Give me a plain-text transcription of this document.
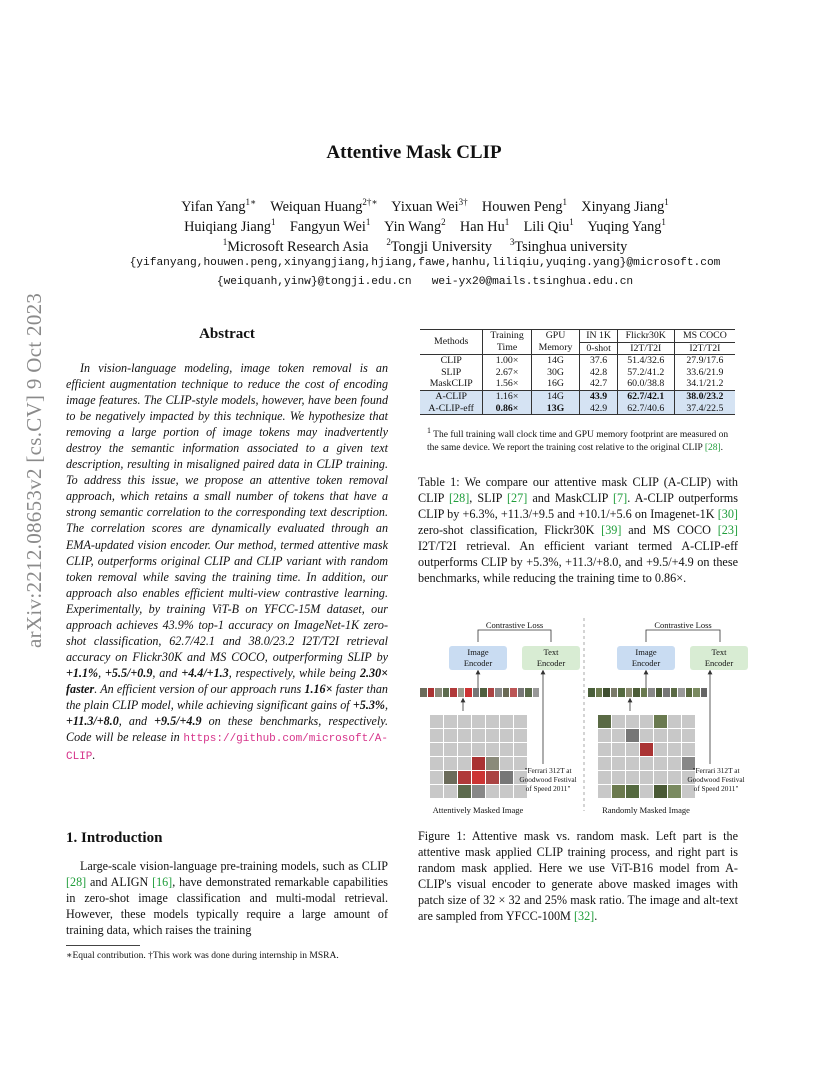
arXiv:2212.08653v2 [cs.CV] 9 Oct 2023
Attentive Mask CLIP
Yifan Yang$^{1∗}$ Weiquan Huang$^{2\dagger∗}$ Yixuan Wei$^{3\dagger}$ Houwen Peng$^1$ Xinyang Jiang$^1$
Huiqiang Jiang$^1$ Fangyun Wei$^1$ Yin Wang$^2$ Han Hu$^1$ Lili Qiu$^1$ Yuqing Yang$^1$
$^1$Microsoft Research Asia $^2$Tongji University $^3$Tsinghua university
{yifanyang,houwen.peng,xinyangjiang,hjiang,fawe,hanhu,liliqiu,yuqing.yang}@microsoft.com
{weiquanh,yinw}@tongji.edu.cn   wei-yx20@mails.tsinghua.edu.cn
Abstract
In vision-language modeling, image token removal is an efficient augmentation technique to reduce the cost of encoding image features. The CLIP-style models, however, have been found to be negatively impacted by this technique. We hypothesize that removing a large portion of image tokens may inadvertently destroy the semantic information associated to a given text description, resulting in misaligned paired data in CLIP training. To address this issue, we propose an attentive token removal approach, which retains a small number of tokens that have a strong semantic correlation to the corresponding text description. The correlation scores are dynamically evaluated through an EMA-updated vision encoder. Our method, termed attentive mask CLIP, outperforms original CLIP and CLIP variant with random token removal while saving the training time. In addition, our approach also enables efficient multi-view contrastive learning. Experimentally, by training ViT-B on YFCC-15M dataset, our approach achieves 43.9% top-1 accuracy on ImageNet-1K zero-shot classification, 62.7/42.1 and 38.0/23.2 I2T/T2I retrieval accuracy on Flickr30K and MS COCO, outperforming SLIP by +1.1%, +5.5/+0.9, and +4.4/+1.3, respectively, while being 2.30× faster. An efficient version of our approach runs 1.16× faster than the plain CLIP model, while achieving significant gains of +5.3%, +11.3/+8.0, and +9.5/+4.9 on these benchmarks, respectively. Code will be release in https://github.com/microsoft/A-CLIP.
1. Introduction
Large-scale vision-language pre-training models, such as CLIP [28] and ALIGN [16], have demonstrated remarkable capabilities in zero-shot image classification and multi-modal retrieval. However, these models typically require a large amount of training data, which raises the training
∗Equal contribution. †This work was done during internship in MSRA.
Methods	Training	GPU	IN 1K	Flickr30K	MS COCO
	Time	Memory	0-shot	I2T/T2I	I2T/T2I
CLIP	1.00×	14G	37.6	51.4/32.6	27.9/17.6
SLIP	2.67×	30G	42.8	57.2/41.2	33.6/21.9
MaskCLIP	1.56×	16G	42.7	60.0/38.8	34.1/21.2
A-CLIP	1.16×	14G	43.9	62.7/42.1	38.0/23.2
A-CLIP-eff	0.86×	13G	42.9	62.7/40.6	37.4/22.5
$^1$ The full training wall clock time and GPU memory footprint are measured on the same device. We report the training cost relative to the original CLIP [28].
Table 1: We compare our attentive mask CLIP (A-CLIP) with CLIP [28], SLIP [27] and MaskCLIP [7]. A-CLIP outperforms CLIP by +6.3%, +11.3/+9.5 and +10.1/+5.6 on Imagenet-1K [30] zero-shot classification, Flickr30K [39] and MS COCO [23] I2T/T2I retrieval. An efficient variant termed A-CLIP-eff outperforms CLIP by +5.3%, +11.3/+8.0, and +9.5/+4.9 on these benchmarks, while reducing the training time to 0.86×.
Contrastive Loss	Contrastive Loss
Image
Encoder
Text
Encoder
Image
Encoder
Text
Encoder
"Ferrari 312T at Goodwood Festival of Speed 2011"
"Ferrari 312T at Goodwood Festival of Speed 2011"
Attentively Masked Image	Randomly Masked Image
Figure 1: Attentive mask vs. random mask. Left part is the attentive mask applied CLIP training process, and right part is random mask applied. Here we use ViT-B16 model from A-CLIP's visual encoder to generate above masked images with patch size of 32 × 32 and 25% mask ratio. The image and alt-text are sampled from YFCC-100M [32].
